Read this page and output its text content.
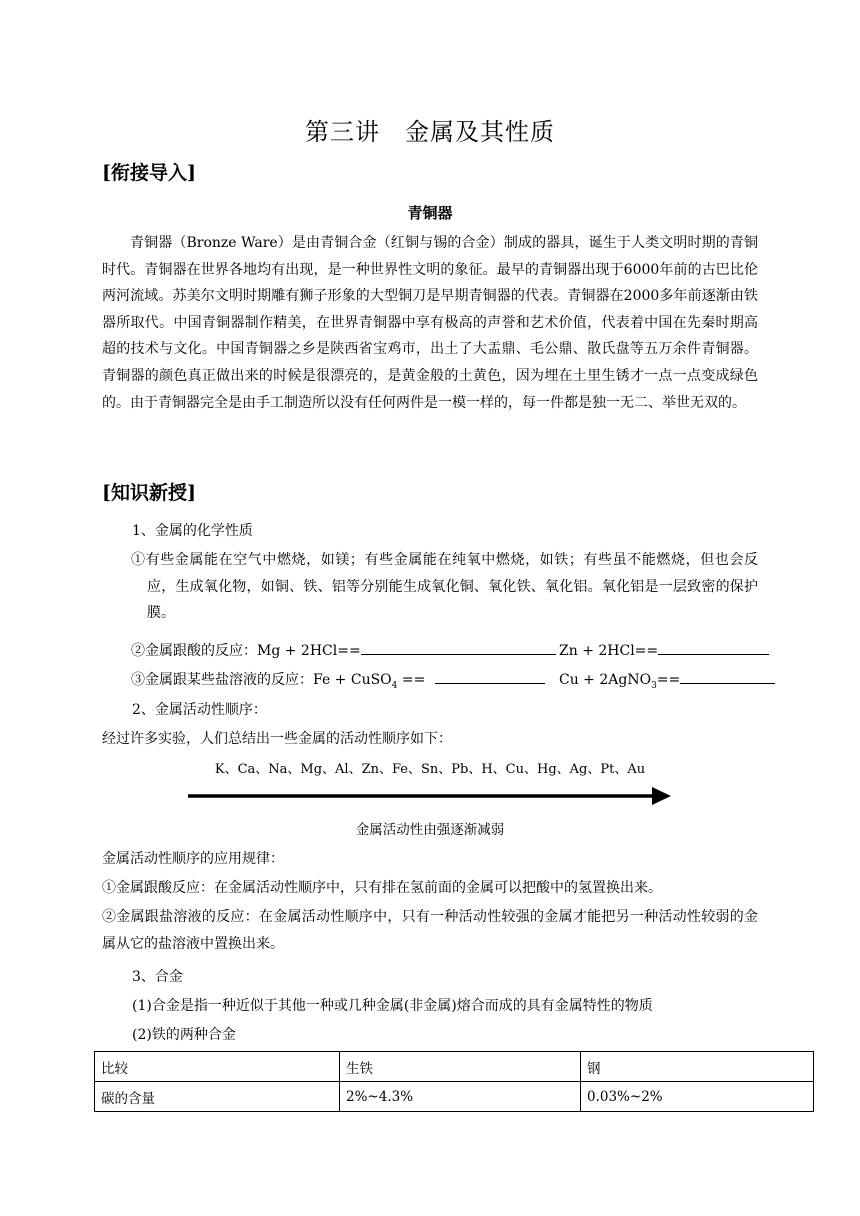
第三讲　金属及其性质
[衔接导入]
青铜器
青铜器（Bronze Ware）是由青铜合金（红铜与锡的合金）制成的器具，诞生于人类文明时期的青铜时代。青铜器在世界各地均有出现，是一种世界性文明的象征。最早的青铜器出现于6000年前的古巴比伦两河流域。苏美尔文明时期雕有狮子形象的大型铜刀是早期青铜器的代表。青铜器在2000多年前逐渐由铁器所取代。中国青铜器制作精美，在世界青铜器中享有极高的声誉和艺术价值，代表着中国在先秦时期高超的技术与文化。中国青铜器之乡是陕西省宝鸡市，出土了大盂鼎、毛公鼎、散氏盘等五万余件青铜器。青铜器的颜色真正做出来的时候是很漂亮的，是黄金般的土黄色，因为埋在土里生锈才一点一点变成绿色的。由于青铜器完全是由手工制造所以没有任何两件是一模一样的，每一件都是独一无二、举世无双的。
[知识新授]
1、金属的化学性质
①有些金属能在空气中燃烧，如镁；有些金属能在纯氧中燃烧，如铁；有些虽不能燃烧，但也会反应，生成氧化物，如铜、铁、铝等分别能生成氧化铜、氧化铁、氧化铝。氧化铝是一层致密的保护膜。
②金属跟酸的反应：Mg + 2HCl==	Zn + 2HCl==
③金属跟某些盐溶液的反应：Fe + CuSO$_4$ ==	Cu + 2AgNO$_3$==
2、金属活动性顺序：
经过许多实验，人们总结出一些金属的活动性顺序如下：
K、Ca、Na、Mg、Al、Zn、Fe、Sn、Pb、H、Cu、Hg、Ag、Pt、Au
金属活动性由强逐渐减弱
金属活动性顺序的应用规律：
①金属跟酸反应：在金属活动性顺序中，只有排在氢前面的金属可以把酸中的氢置换出来。
②金属跟盐溶液的反应：在金属活动性顺序中，只有一种活动性较强的金属才能把另一种活动性较弱的金属从它的盐溶液中置换出来。
3、合金
(1)合金是指一种近似于其他一种或几种金属(非金属)熔合而成的具有金属特性的物质
(2)铁的两种合金
比较	生铁	钢
碳的含量	2%~4.3%	0.03%~2%
